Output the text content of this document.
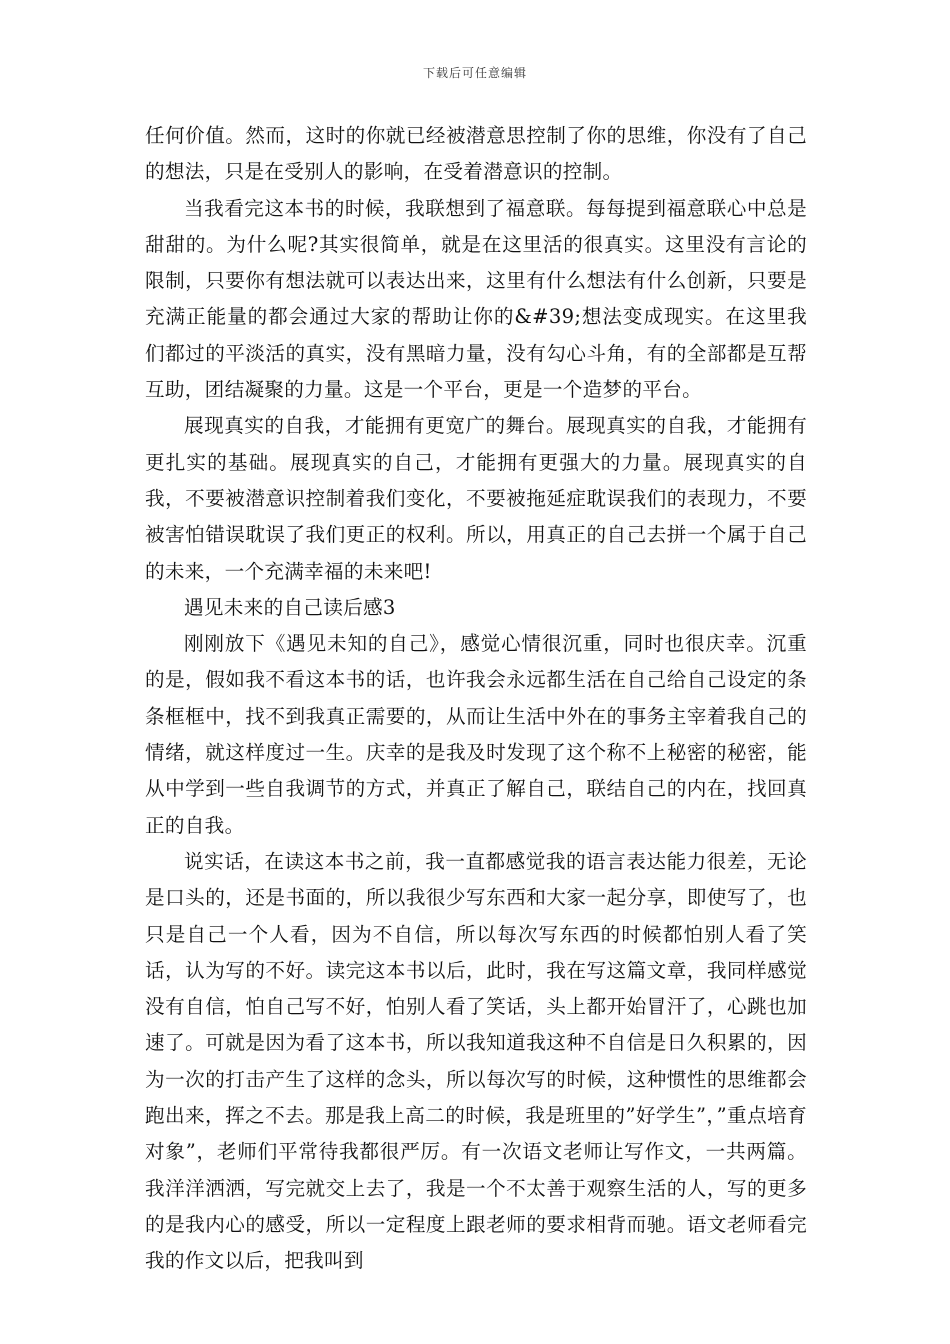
下载后可任意编辑

任何价值。然而，这时的你就已经被潜意思控制了你的思维，你没有了自己的想法，只是在受别人的影响，在受着潜意识的控制。

当我看完这本书的时候，我联想到了福意联。每每提到福意联心中总是甜甜的。为什么呢?其实很简单，就是在这里活的很真实。这里没有言论的限制，只要你有想法就可以表达出来，这里有什么想法有什么创新，只要是充满正能量的都会通过大家的帮助让你的&#39;想法变成现实。在这里我们都过的平淡活的真实，没有黑暗力量，没有勾心斗角，有的全部都是互帮互助，团结凝聚的力量。这是一个平台，更是一个造梦的平台。

展现真实的自我，才能拥有更宽广的舞台。展现真实的自我，才能拥有更扎实的基础。展现真实的自己，才能拥有更强大的力量。展现真实的自我，不要被潜意识控制着我们变化，不要被拖延症耽误我们的表现力，不要被害怕错误耽误了我们更正的权利。所以，用真正的自己去拼一个属于自己的未来，一个充满幸福的未来吧!

遇见未来的自己读后感3

刚刚放下《遇见未知的自己》，感觉心情很沉重，同时也很庆幸。沉重的是，假如我不看这本书的话，也许我会永远都生活在自己给自己设定的条条框框中，找不到我真正需要的，从而让生活中外在的事务主宰着我自己的情绪，就这样度过一生。庆幸的是我及时发现了这个称不上秘密的秘密，能从中学到一些自我调节的方式，并真正了解自己，联结自己的内在，找回真正的自我。

说实话，在读这本书之前，我一直都感觉我的语言表达能力很差，无论是口头的，还是书面的，所以我很少写东西和大家一起分享，即使写了，也只是自己一个人看，因为不自信，所以每次写东西的时候都怕别人看了笑话，认为写的不好。读完这本书以后，此时，我在写这篇文章，我同样感觉没有自信，怕自己写不好，怕别人看了笑话，头上都开始冒汗了，心跳也加速了。可就是因为看了这本书，所以我知道我这种不自信是日久积累的，因为一次的打击产生了这样的念头，所以每次写的时候，这种惯性的思维都会跑出来，挥之不去。那是我上高二的时候，我是班里的”好学生”，”重点培育对象”，老师们平常待我都很严厉。有一次语文老师让写作文，一共两篇。我洋洋洒洒，写完就交上去了，我是一个不太善于观察生活的人，写的更多的是我内心的感受，所以一定程度上跟老师的要求相背而驰。语文老师看完我的作文以后，把我叫到
